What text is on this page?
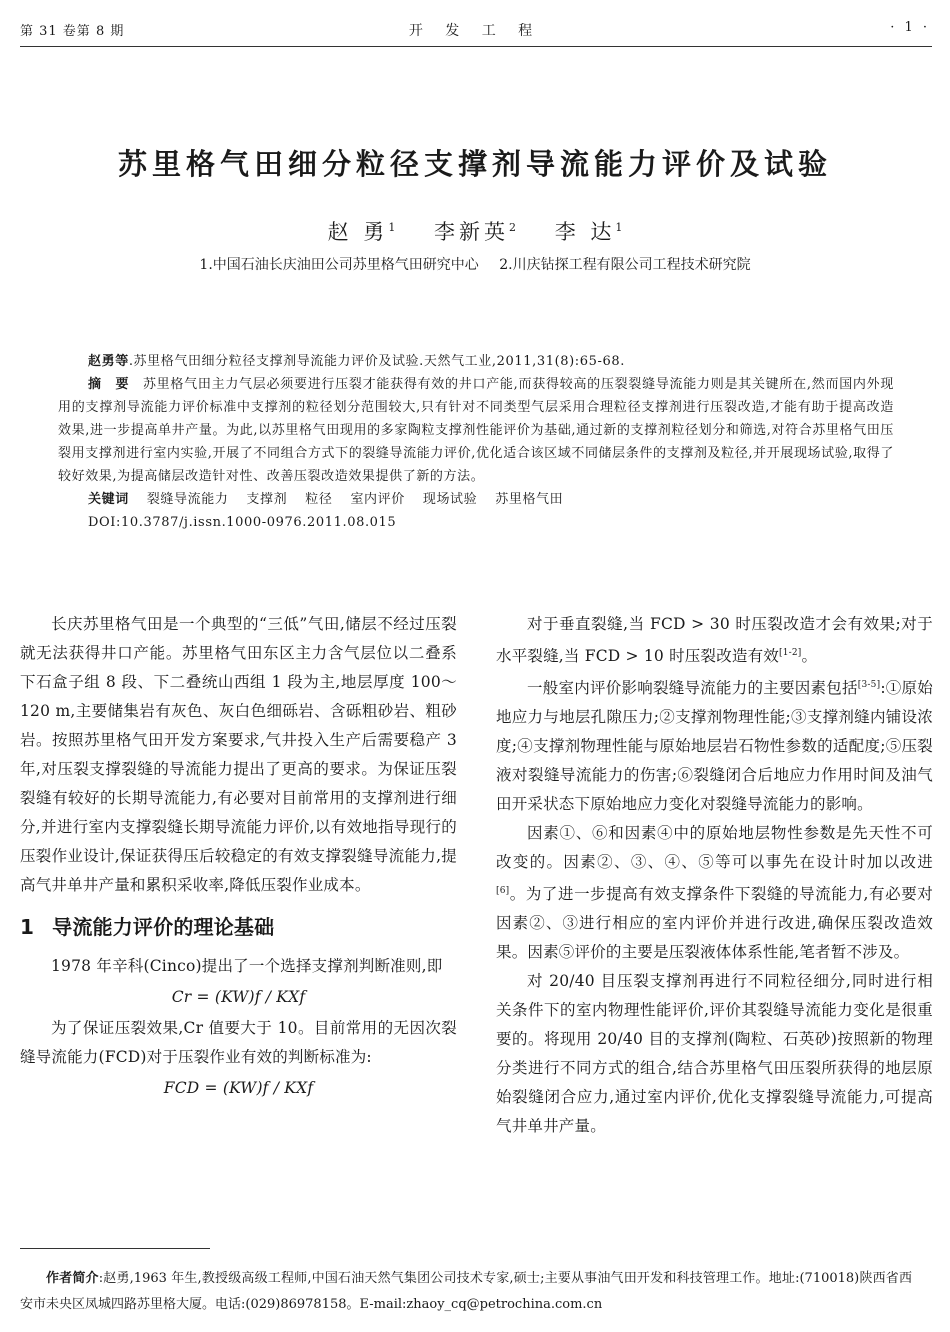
第 31 卷第 8 期	开 发 工 程	· 1 ·
苏里格气田细分粒径支撑剂导流能力评价及试验
赵 勇$^1$ 李新英$^2$ 李 达$^1$
1.中国石油长庆油田公司苏里格气田研究中心 2.川庆钻探工程有限公司工程技术研究院

赵勇等.苏里格气田细分粒径支撑剂导流能力评价及试验.天然气工业,2011,31(8):65-68.

摘　要　 苏里格气田主力气层必须要进行压裂才能获得有效的井口产能,而获得较高的压裂裂缝导流能力则是其关键所在,然而国内外现用的支撑剂导流能力评价标准中支撑剂的粒径划分范围较大,只有针对不同类型气层采用合理粒径支撑剂进行压裂改造,才能有助于提高改造效果,进一步提高单井产量。为此,以苏里格气田现用的多家陶粒支撑剂性能评价为基础,通过新的支撑剂粒径划分和筛选,对符合苏里格气田压裂用支撑剂进行室内实验,开展了不同组合方式下的裂缝导流能力评价,优化适合该区域不同储层条件的支撑剂及粒径,并开展现场试验,取得了较好效果,为提高储层改造针对性、改善压裂改造效果提供了新的方法。

关键词 裂缝导流能力 支撑剂 粒径 室内评价 现场试验 苏里格气田

DOI:10.3787/j.issn.1000-0976.2011.08.015

长庆苏里格气田是一个典型的“三低”气田,储层不经过压裂就无法获得井口产能。苏里格气田东区主力含气层位以二叠系下石盒子组 8 段、下二叠统山西组 1 段为主,地层厚度 100～120 m,主要储集岩有灰色、灰白色细砾岩、含砾粗砂岩、粗砂岩。按照苏里格气田开发方案要求,气井投入生产后需要稳产 3 年,对压裂支撑裂缝的导流能力提出了更高的要求。为保证压裂裂缝有较好的长期导流能力,有必要对目前常用的支撑剂进行细分,并进行室内支撑裂缝长期导流能力评价,以有效地指导现行的压裂作业设计,保证获得压后较稳定的有效支撑裂缝导流能力,提高气井单井产量和累积采收率,降低压裂作业成本。

1 导流能力评价的理论基础

1978 年辛科(Cinco)提出了一个选择支撑剂判断准则,即

Cr = (KW)f / KXf

为了保证压裂效果,Cr 值要大于 10。目前常用的无因次裂缝导流能力(FCD)对于压裂作业有效的判断标准为:

FCD = (KW)f / KXf

对于垂直裂缝,当 FCD > 30 时压裂改造才会有效果;对于水平裂缝,当 FCD > 10 时压裂改造有效[1-2]。

一般室内评价影响裂缝导流能力的主要因素包括[3-5]:①原始地应力与地层孔隙压力;②支撑剂物理性能;③支撑剂缝内铺设浓度;④支撑剂物理性能与原始地层岩石物性参数的适配度;⑤压裂液对裂缝导流能力的伤害;⑥裂缝闭合后地应力作用时间及油气田开采状态下原始地应力变化对裂缝导流能力的影响。

因素①、⑥和因素④中的原始地层物性参数是先天性不可改变的。因素②、③、④、⑤等可以事先在设计时加以改进[6]。为了进一步提高有效支撑条件下裂缝的导流能力,有必要对因素②、③进行相应的室内评价并进行改进,确保压裂改造效果。因素⑤评价的主要是压裂液体体系性能,笔者暂不涉及。

对 20/40 目压裂支撑剂再进行不同粒径细分,同时进行相关条件下的室内物理性能评价,评价其裂缝导流能力变化是很重要的。将现用 20/40 目的支撑剂(陶粒、石英砂)按照新的物理分类进行不同方式的组合,结合苏里格气田压裂所获得的地层原始裂缝闭合应力,通过室内评价,优化支撑裂缝导流能力,可提高气井单井产量。

作者简介:赵勇,1963 年生,教授级高级工程师,中国石油天然气集团公司技术专家,硕士;主要从事油气田开发和科技管理工作。地址:(710018)陕西省西安市未央区凤城四路苏里格大厦。电话:(029)86978158。E-mail:zhaoy_cq@petrochina.com.cn
